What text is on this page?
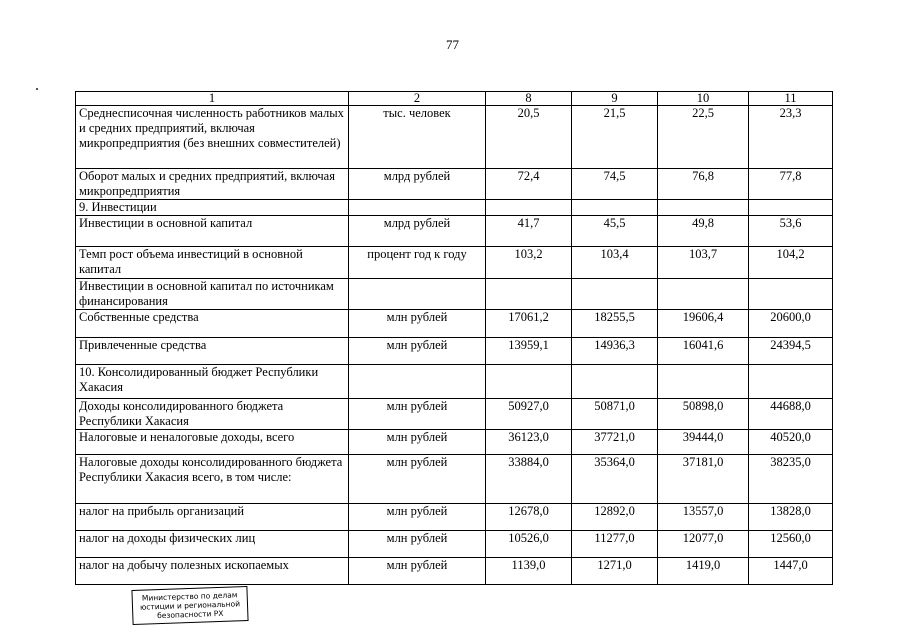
77
1	2	8	9	10	11
Среднесписочная численность работников малых и средних предприятий, включая микропредприятия (без внешних совместителей)	тыс. человек	20,5	21,5	22,5	23,3
Оборот малых и средних предприятий, включая микропредприятия	млрд рублей	72,4	74,5	76,8	77,8
9. Инвестиции					
Инвестиции в основной капитал	млрд рублей	41,7	45,5	49,8	53,6
Темп рост объема инвестиций в основной капитал	процент год к году	103,2	103,4	103,7	104,2
Инвестиции в основной капитал по источникам финансирования					
Собственные средства	млн рублей	17061,2	18255,5	19606,4	20600,0
Привлеченные средства	млн рублей	13959,1	14936,3	16041,6	24394,5
10. Консолидированный бюджет Республики Хакасия					
Доходы консолидированного бюджета Республики Хакасия	млн рублей	50927,0	50871,0	50898,0	44688,0
Налоговые и неналоговые доходы, всего	млн рублей	36123,0	37721,0	39444,0	40520,0
Налоговые доходы консолидированного бюджета Республики Хакасия всего, в том числе:	млн рублей	33884,0	35364,0	37181,0	38235,0
налог на прибыль организаций	млн рублей	12678,0	12892,0	13557,0	13828,0
налог на доходы физических лиц	млн рублей	10526,0	11277,0	12077,0	12560,0
налог на добычу полезных ископаемых	млн рублей	1139,0	1271,0	1419,0	1447,0
Министерство по делам
юстиции и региональной
безопасности РХ
